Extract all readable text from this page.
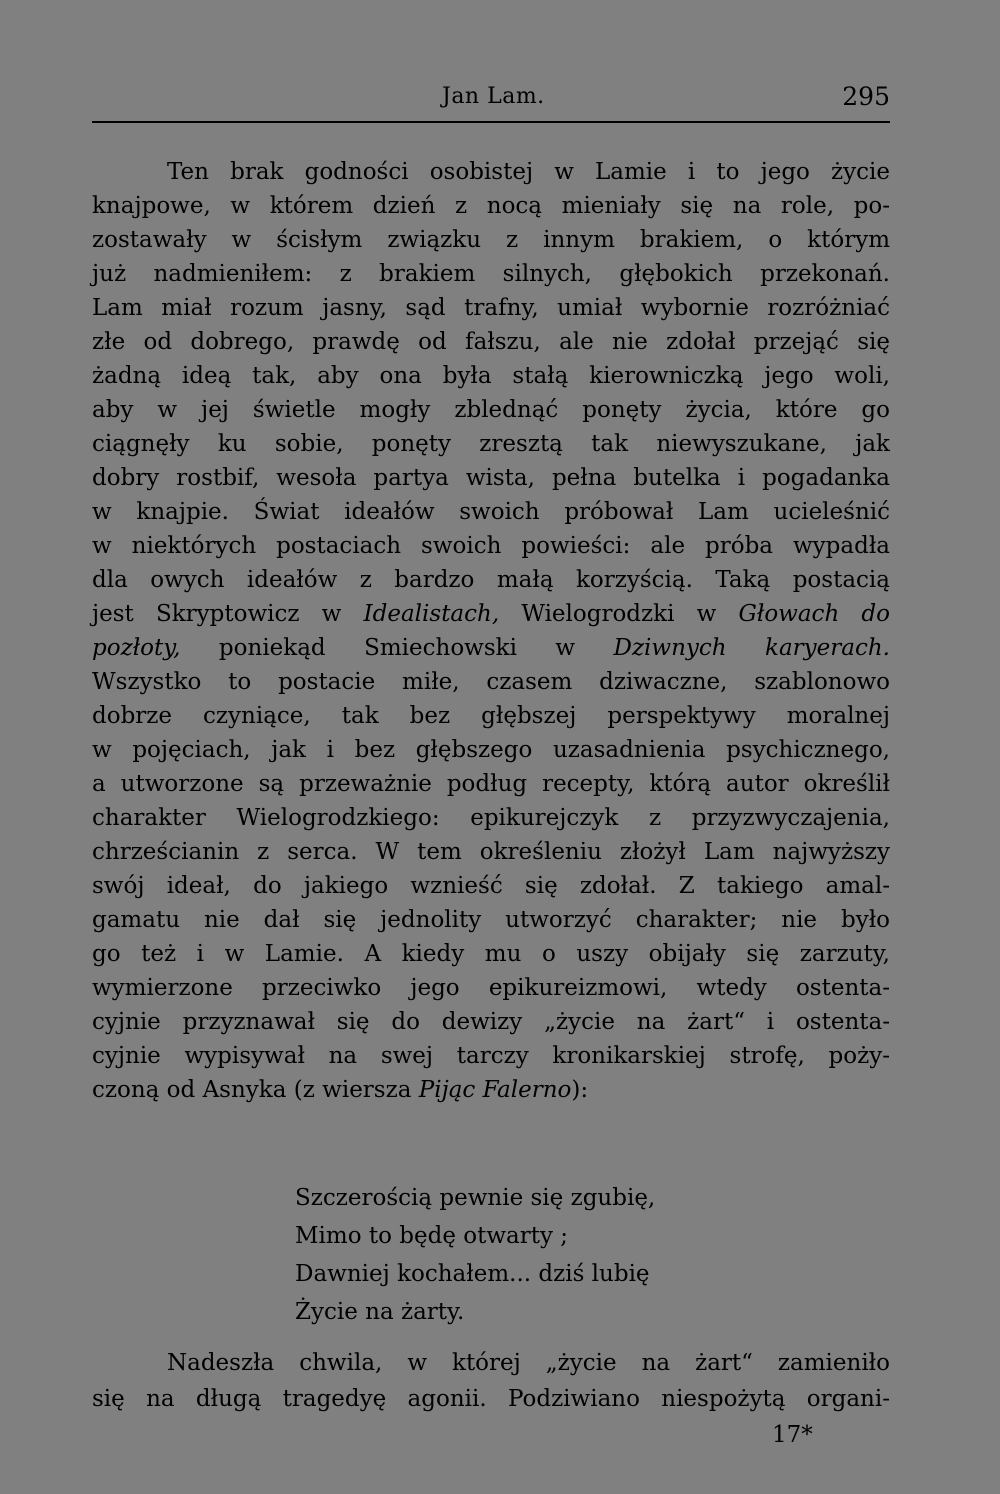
Jan Lam.	295
Ten brak godności osobistej w Lamie i to jego życie
knajpowe, w którem dzień z nocą mieniały się na role, po-
zostawały w ścisłym związku z innym brakiem, o którym
już nadmieniłem: z brakiem silnych, głębokich przekonań.
Lam miał rozum jasny, sąd trafny, umiał wybornie rozróżniać
złe od dobrego, prawdę od fałszu, ale nie zdołał przejąć się
żadną ideą tak, aby ona była stałą kierowniczką jego woli,
aby w jej świetle mogły zblednąć ponęty życia, które go
ciągnęły ku sobie, ponęty zresztą tak niewyszukane, jak
dobry rostbif, wesoła partya wista, pełna butelka i pogadanka
w knajpie. Świat ideałów swoich próbował Lam ucieleśnić
w niektórych postaciach swoich powieści: ale próba wypadła
dla owych ideałów z bardzo małą korzyścią. Taką postacią
jest Skryptowicz w Idealistach, Wielogrodzki w Głowach do
pozłoty, poniekąd Smiechowski w Dziwnych karyerach.
Wszystko to postacie miłe, czasem dziwaczne, szablonowo
dobrze czyniące, tak bez głębszej perspektywy moralnej
w pojęciach, jak i bez głębszego uzasadnienia psychicznego,
a utworzone są przeważnie podług recepty, którą autor określił
charakter Wielogrodzkiego: epikurejczyk z przyzwyczajenia,
chrześcianin z serca. W tem określeniu złożył Lam najwyższy
swój ideał, do jakiego wznieść się zdołał. Z takiego amal-
gamatu nie dał się jednolity utworzyć charakter; nie było
go też i w Lamie. A kiedy mu o uszy obijały się zarzuty,
wymierzone przeciwko jego epikureizmowi, wtedy ostenta-
cyjnie przyznawał się do dewizy „życie na żart“ i ostenta-
cyjnie wypisywał na swej tarczy kronikarskiej strofę, poży-
czoną od Asnyka (z wiersza Pijąc Falerno):
Szczerością pewnie się zgubię,
Mimo to będę otwarty ;
Dawniej kochałem... dziś lubię
Życie na żarty.
Nadeszła chwila, w której „życie na żart“ zamieniło
się na długą tragedyę agonii. Podziwiano niespożytą organi-
17*
